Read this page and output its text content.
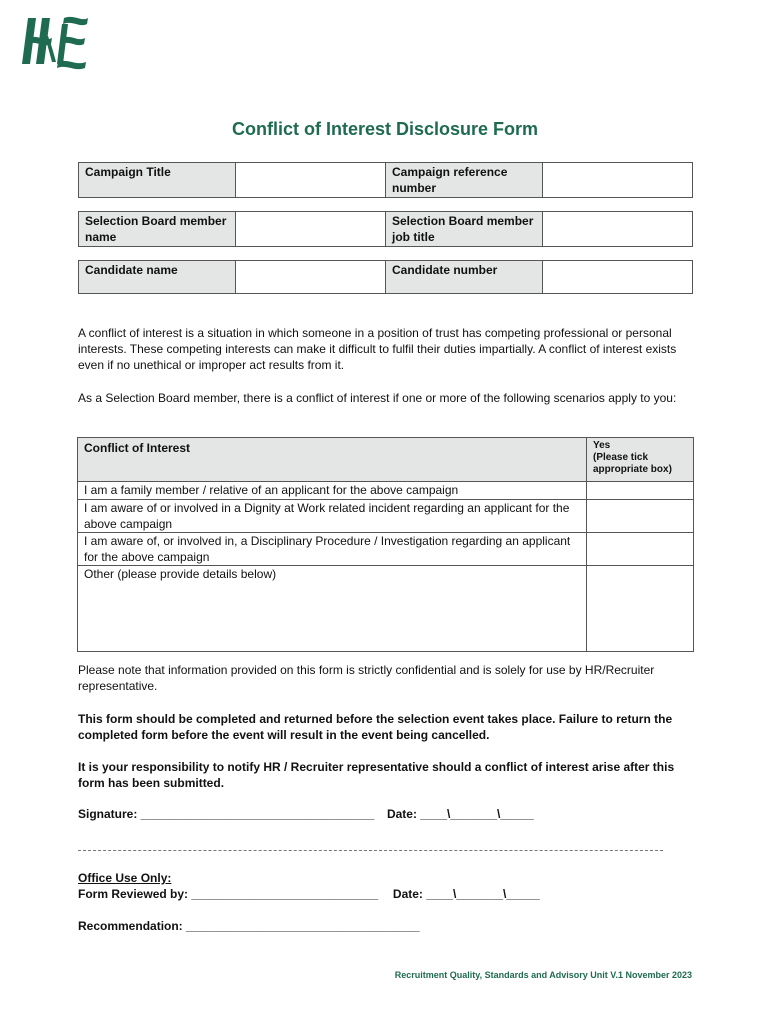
Conflict of Interest Disclosure Form
Campaign Title		Campaign reference number	
Selection Board member name		Selection Board member job title	
Candidate name		Candidate number	
A conflict of interest is a situation in which someone in a position of trust has competing professional or personal interests. These competing interests can make it difficult to fulfil their duties impartially. A conflict of interest exists even if no unethical or improper act results from it.
As a Selection Board member, there is a conflict of interest if one or more of the following scenarios apply to you:
Conflict of Interest	Yes
(Please tick appropriate box)

I am a family member / relative of an applicant for the above campaign	
I am aware of or involved in a Dignity at Work related incident regarding an applicant for the above campaign	
I am aware of, or involved in, a Disciplinary Procedure / Investigation regarding an applicant for the above campaign	
Other (please provide details below)	
Please note that information provided on this form is strictly confidential and is solely for use by HR/Recruiter representative.
This form should be completed and returned before the selection event takes place. Failure to return the completed form before the event will result in the event being cancelled.
It is your responsibility to notify HR / Recruiter representative should a conflict of interest arise after this form has been submitted.
Signature: ___________________________________ Date: ____\_______\_____
Office Use Only:
Form Reviewed by: ____________________________ Date: ____\_______\_____
Recommendation: ___________________________________
Recruitment Quality, Standards and Advisory Unit V.1 November 2023
